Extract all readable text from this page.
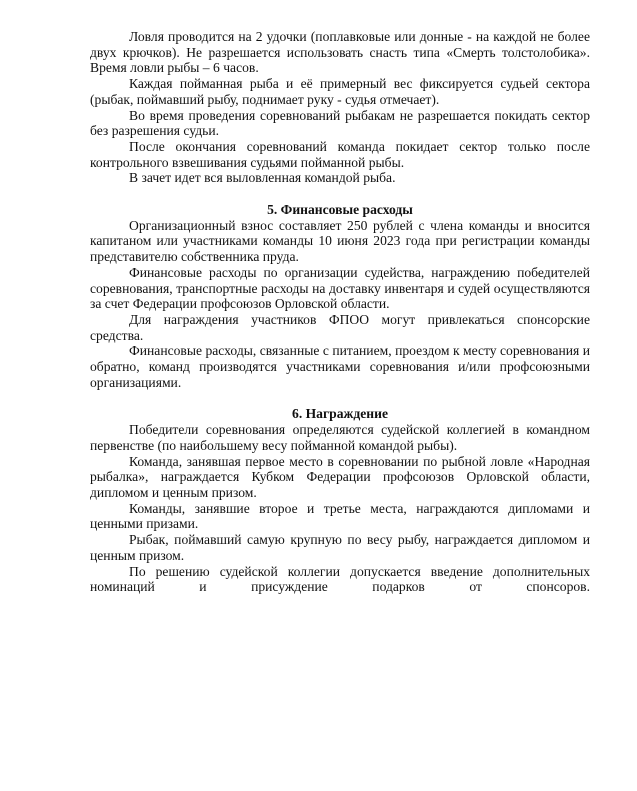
Ловля проводится на 2 удочки (поплавковые или донные - на каждой не более двух крючков). Не разрешается использовать снасть типа «Смерть толстолобика». Время ловли рыбы – 6 часов.

Каждая пойманная рыба и её примерный вес фиксируется судьей сектора (рыбак, поймавший рыбу, поднимает руку - судья отмечает).

Во время проведения соревнований рыбакам не разрешается покидать сектор без разрешения судьи.

После окончания соревнований команда покидает сектор только после контрольного взвешивания судьями пойманной рыбы.

В зачет идет вся выловленная командой рыба.

5. Финансовые расходы

Организационный взнос составляет 250 рублей с члена команды и вносится капитаном или участниками команды 10 июня 2023 года при регистрации команды представителю собственника пруда.

Финансовые расходы по организации судейства, награждению победителей соревнования, транспортные расходы на доставку инвентаря и судей осуществляются за счет Федерации профсоюзов Орловской области.

Для награждения участников ФПОО могут привлекаться спонсорские средства.

Финансовые расходы, связанные с питанием, проездом к месту соревнования и обратно, команд производятся участниками соревнования и/или профсоюзными организациями.

6. Награждение

Победители соревнования определяются судейской коллегией в командном первенстве (по наибольшему весу пойманной командой рыбы).

Команда, занявшая первое место в соревновании по рыбной ловле «Народная рыбалка», награждается Кубком Федерации профсоюзов Орловской области, дипломом и ценным призом.

Команды, занявшие второе и третье места, награждаются дипломами и ценными призами.

Рыбак, поймавший самую крупную по весу рыбу, награждается дипломом и ценным призом.

По решению судейской коллегии допускается введение дополнительных номинаций и присуждение подарков от спонсоров.
